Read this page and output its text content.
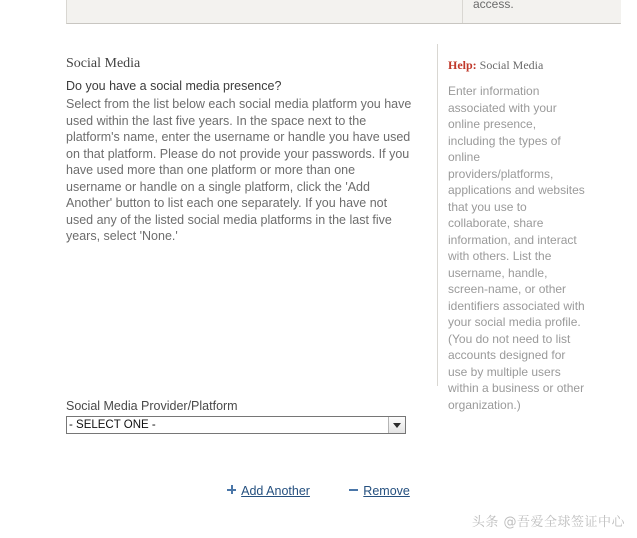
access.
Social Media

Do you have a social media presence?

Select from the list below each social media platform you have used within the last five years. In the space next to the platform's name, enter the username or handle you have used on that platform. Please do not provide your passwords. If you have used more than one platform or more than one username or handle on a single platform, click the 'Add Another' button to list each one separately. If you have not used any of the listed social media platforms in the last five years, select 'None.'

Help: Social Media
Enter information associated with your online presence, including the types of online providers/platforms, applications and websites that you use to collaborate, share information, and interact with others. List the username, handle, screen-name, or other identifiers associated with your social media profile. (You do not need to list accounts designed for use by multiple users within a business or other organization.)
Social Media Provider/Platform
- SELECT ONE -
Add Another	Remove
头条 @吾爱全球签证中心
